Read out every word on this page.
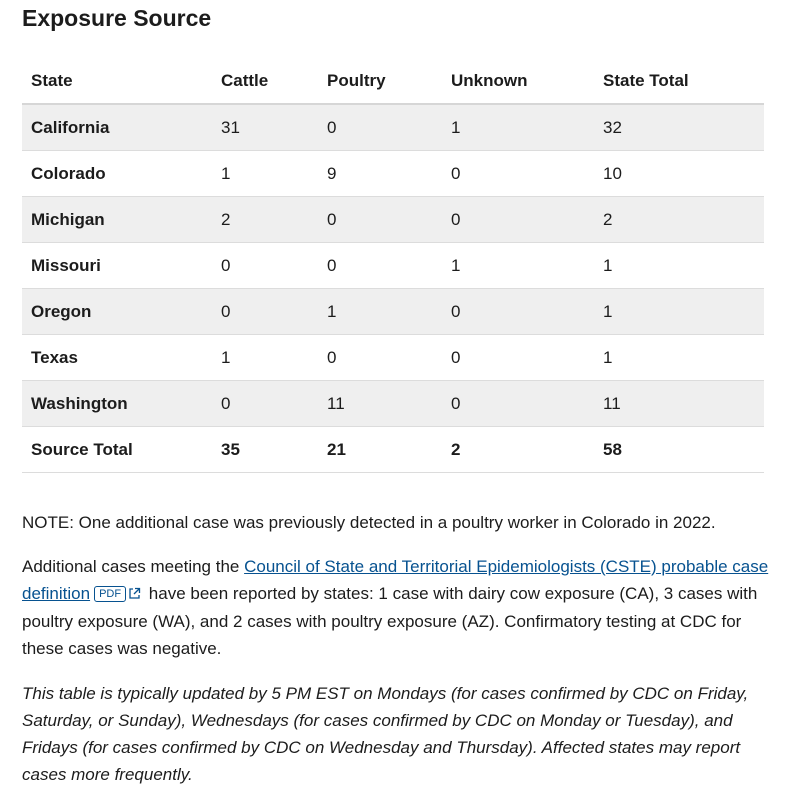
Exposure Source
State	Cattle	Poultry	Unknown	State Total
California	31	0	1	32
Colorado	1	9	0	10
Michigan	2	0	0	2
Missouri	0	0	1	1
Oregon	0	1	0	1
Texas	1	0	0	1
Washington	0	11	0	11
Source Total	35	21	2	58

NOTE: One additional case was previously detected in a poultry worker in Colorado in 2022.

Additional cases meeting the Council of State and Territorial Epidemiologists (CSTE) probable case definition PDF have been reported by states: 1 case with dairy cow exposure (CA), 3 cases with poultry exposure (WA), and 2 cases with poultry exposure (AZ). Confirmatory testing at CDC for these cases was negative.

This table is typically updated by 5 PM EST on Mondays (for cases confirmed by CDC on Friday, Saturday, or Sunday), Wednesdays (for cases confirmed by CDC on Monday or Tuesday), and Fridays (for cases confirmed by CDC on Wednesday and Thursday). Affected states may report cases more frequently.
